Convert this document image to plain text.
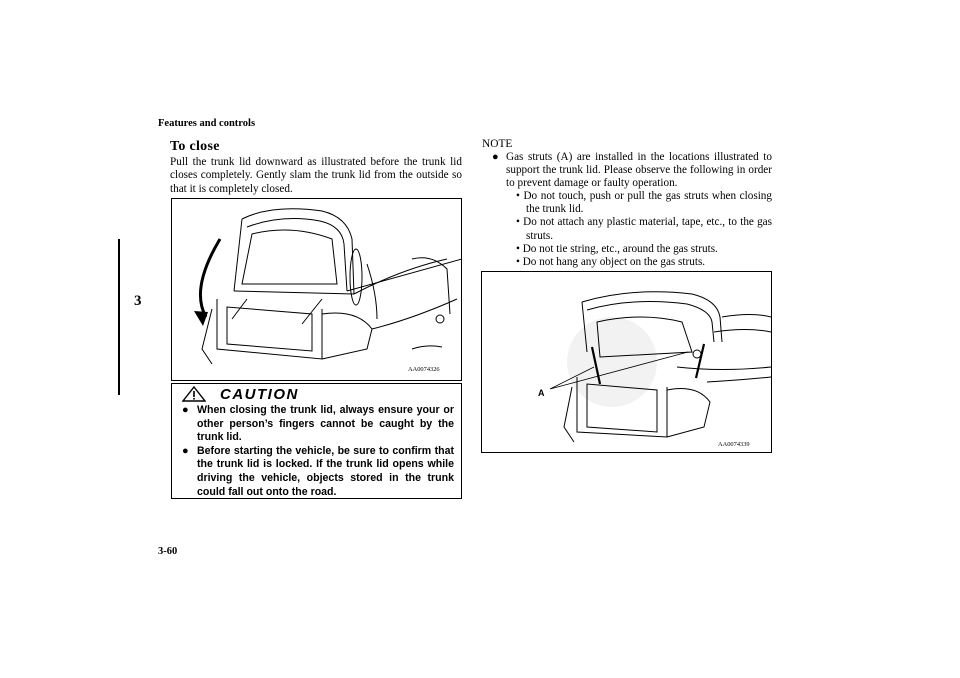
Features and controls
3
3-60
To close
Pull the trunk lid downward as illustrated before the trunk lid closes completely. Gently slam the trunk lid from the outside so that it is completely closed.
AA0074326
CAUTION
● When closing the trunk lid, always ensure your or other person’s fingers cannot be caught by the trunk lid.
● Before starting the vehicle, be sure to confirm that the trunk lid is locked. If the trunk lid opens while driving the vehicle, objects stored in the trunk could fall out onto the road.
NOTE
● Gas struts (A) are installed in the locations illustrated to support the trunk lid. Please observe the following in order to prevent damage or faulty operation.
• Do not touch, push or pull the gas struts when closing the trunk lid.
• Do not attach any plastic material, tape, etc., to the gas struts.
• Do not tie string, etc., around the gas struts.
• Do not hang any object on the gas struts.
A
AA0074339
